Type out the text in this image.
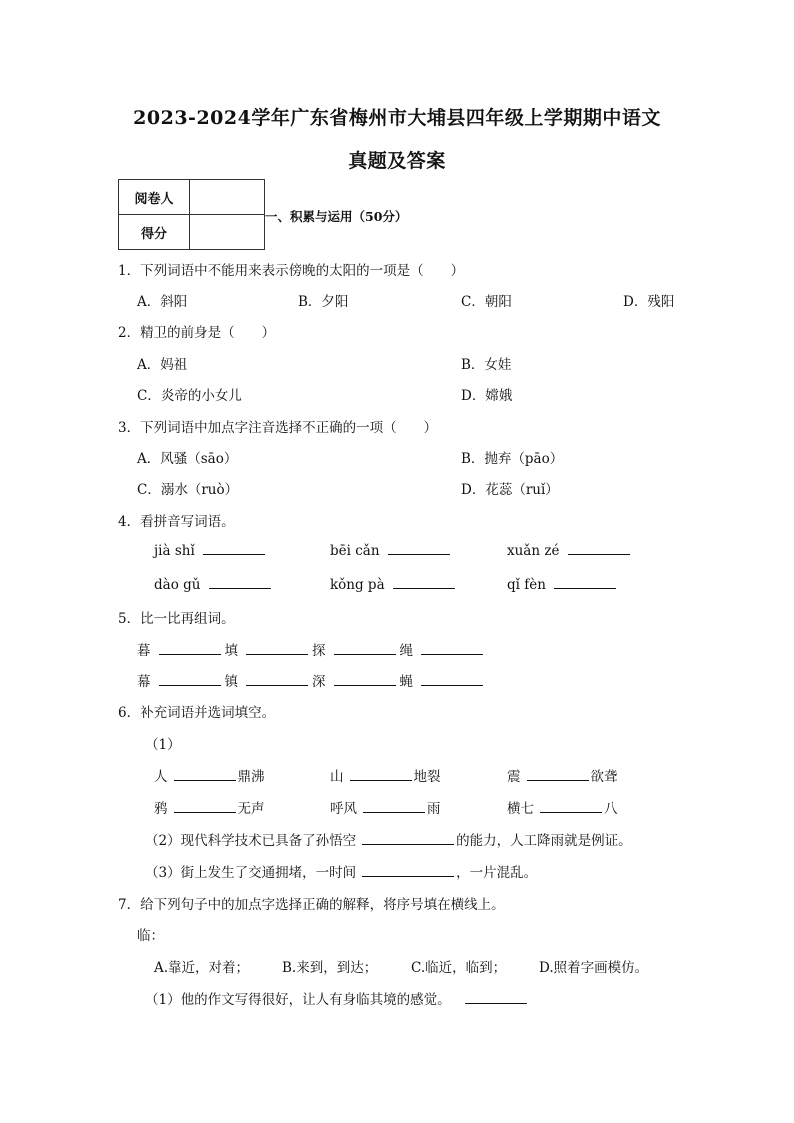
2023-2024学年广东省梅州市大埔县四年级上学期期中语文
真题及答案
阅卷人	
得分	
一、积累与运用（50分）
1．下列词语中不能用来表示傍晚的太阳的一项是（　　）
A．斜阳	B．夕阳	C．朝阳	D．残阳
2．精卫的前身是（　　）
A．妈祖	B．女娃
C．炎帝的小女儿	D．嫦娥
3．下列词语中加点字注音选择不正确的一项（　　）
A．风骚（sāo）	B．抛弃（pāo）
C．溺水（ruò）	D．花蕊（ruǐ）
4．看拼音写词语。
jià shǐ	bēi cǎn	xuǎn zé
dào gǔ	kǒng pà	qǐ fèn
5．比一比再组词。
暮	填	探	绳
幕	镇	深	蝇
6．补充词语并选词填空。
（1）
人	鼎沸	山	地裂	震	欲聋
鸦	无声	呼风	雨	横七	八
（2）现代科学技术已具备了孙悟空	的能力，人工降雨就是例证。
（3）街上发生了交通拥堵，一时间	，一片混乱。
7．给下列句子中的加点字选择正确的解释，将序号填在横线上。
临：
A.靠近，对着； B.来到，到达；	C.临近，临到； D.照着字画模仿。
（1）他的作文写得很好，让人有身临其境的感觉。
